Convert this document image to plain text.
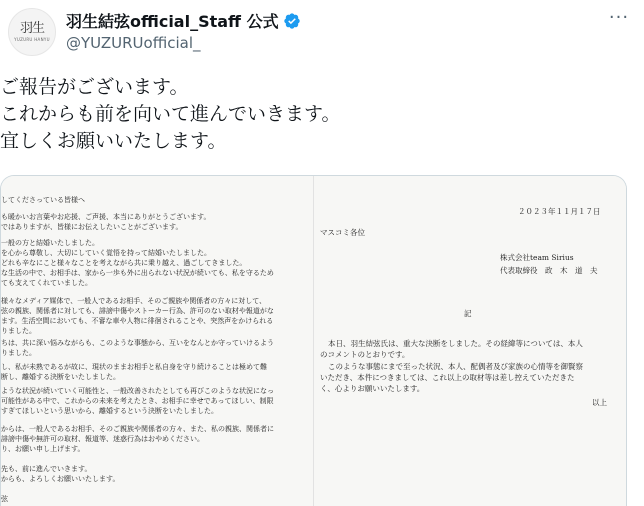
羽生
YUZURU HANYU
羽生結弦official_Staff 公式
@YUZURUofficial_
···
ご報告がございます。
これからも前を向いて進んでいきます。
宜しくお願いいたします。
してくださっている皆様へ
も暖かいお言葉やお応援、ご声援、本当にありがとうございます。
ではありますが、皆様にお伝えしたいことがございます。
一般の方と結婚いたしました。
を心から尊敬し、大切にしていく覚悟を持って結婚いたしました。
どれも辛なにこと様々なことを考えながら共に乗り越え、過ごしてきました。
な生活の中で、お相手は、家から一歩も外に出られない状況が続いても、私を守るため
ても支えてくれていました。
様々なメディア媒体で、一般人であるお相手、そのご親族や関係者の方々に対して、
弦の親族、関係者に対しても、誹謗中傷やストーカー行為、許可のない取材や報道がな
ます。生活空間においても、不審な車や人物に徘徊されることや、突然声をかけられる
りました。
ちは、共に深い悩みながらも、このような事態から、互いをなんとか守っていけるよう
りました。
し、私が未熟であるが故に、現状のままお相手と私自身を守り続けることは極めて難
断し、離婚する決断をいたしました。
ような状況が続いていく可能性と、一般改善されたとしても再びこのような状況になっ
可能性がある中で、これからの未来を考えたとき、お相手に幸せであってほしい、制限
すぎてほしいという思いから、離婚するという決断をいたしました。
からは、一般人であるお相手、そのご親族や関係者の方々、また、私の親族、関係者に
誹謗中傷や無許可の取材、報道等、迷惑行為はおやめください。
り、お願い申し上げます。
先も、前に進んでいきます。
からも、よろしくお願いいたします。
弦
２０２３年１１月１７日
マスコミ各位
株式会社team Sirius
代表取締役　政　木　道　夫
記
本日、羽生結弦氏は、重大な決断をしました。その経緯等については、本人
のコメントのとおりです。
このような事態にまで至った状況、本人、配偶者及び家族の心情等を御賢察
いただき、本件につきましては、これ以上の取材等は差し控えていただきた
く、心よりお願いいたします。
以上
